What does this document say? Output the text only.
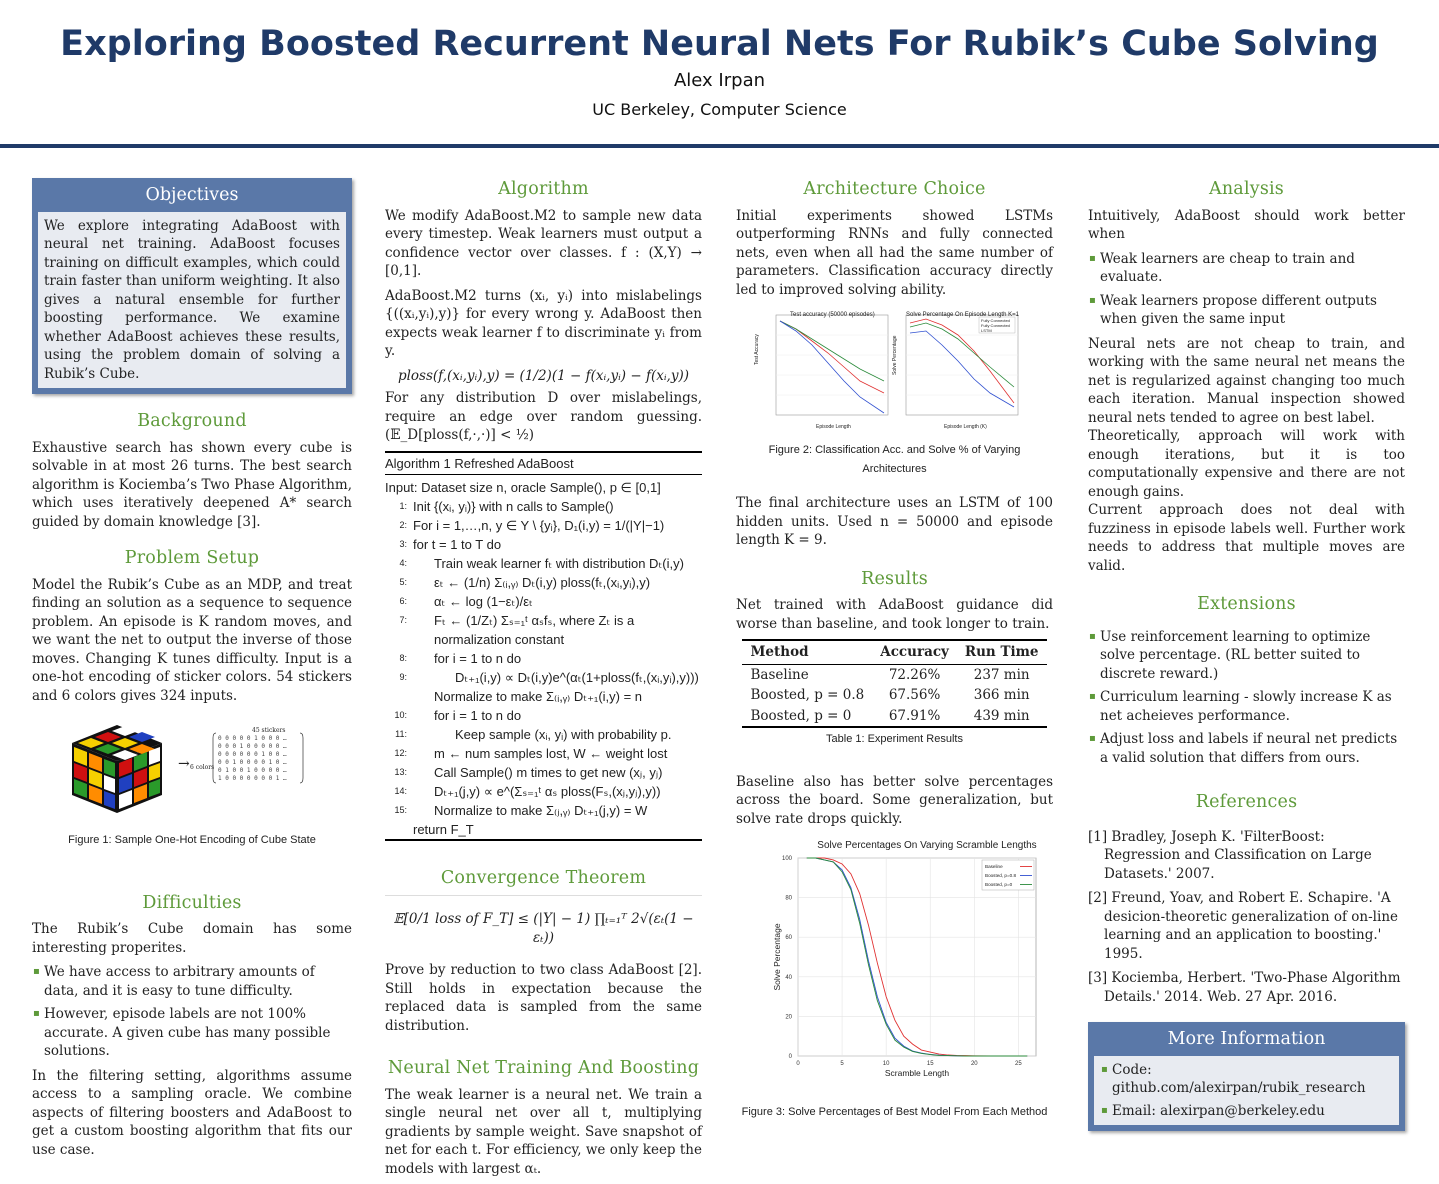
Exploring Boosted Recurrent Neural Nets For Rubik’s Cube Solving
Alex Irpan
UC Berkeley, Computer Science
Objectives
We explore integrating AdaBoost with neural net training. AdaBoost focuses training on difficult examples, which could train faster than uniform weighting. It also gives a natural ensemble for further boosting performance. We examine whether AdaBoost achieves these results, using the problem domain of solving a Rubik’s Cube.
Background

Exhaustive search has shown every cube is solvable in at most 26 turns. The best search algorithm is Kociemba’s Two Phase Algorithm, which uses iteratively deepened A* search guided by domain knowledge [3].

Problem Setup

Model the Rubik’s Cube as an MDP, and treat finding an solution as a sequence to sequence problem. An episode is K random moves, and we want the net to output the inverse of those moves. Changing K tunes difficulty. Input is a one-hot encoding of sticker colors. 54 stickers and 6 colors gives 324 inputs.

→ 6 colors
45 stickers
0 0 0 0 0 1 0 0 0 …
0 0 0 1 0 0 0 0 0 …
0 0 0 0 0 0 1 0 0 …
0 0 1 0 0 0 0 1 0 …
0 1 0 0 1 0 0 0 0 …
1 0 0 0 0 0 0 0 1 …
Figure 1: Sample One-Hot Encoding of Cube State
Difficulties

The Rubik’s Cube domain has some interesting properites.

▪ We have access to arbitrary amounts of data, and it is easy to tune difficulty.
▪ However, episode labels are not 100% accurate. A given cube has many possible solutions.

In the filtering setting, algorithms assume access to a sampling oracle. We combine aspects of filtering boosters and AdaBoost to get a custom boosting algorithm that fits our use case.

Algorithm

We modify AdaBoost.M2 to sample new data every timestep. Weak learners must output a confidence vector over classes. f : (X,Y) → [0,1].

AdaBoost.M2 turns (xᵢ, yᵢ) into mislabelings {((xᵢ,yᵢ),y)} for every wrong y. AdaBoost then expects weak learner f to discriminate yᵢ from y.

ploss(f,(xᵢ,yᵢ),y) = (1/2)(1 − f(xᵢ,yᵢ) − f(xᵢ,y))

For any distribution D over mislabelings, require an edge over random guessing. (𝔼_D[ploss(f,·,·)] < ½)

Algorithm 1 Refreshed AdaBoost
Input: Dataset size n, oracle Sample(), p ∈ [0,1]
1: Init {(xᵢ, yᵢ)} with n calls to Sample()
2: For i = 1,…,n, y ∈ Y \ {yᵢ}, D₁(i,y) = 1/(|Y|−1)
3: for t = 1 to T do
4:	Train weak learner fₜ with distribution Dₜ(i,y)
5:	εₜ ← (1/n) Σ₍ᵢ,ᵧ₎ Dₜ(i,y) ploss(fₜ,(xᵢ,yᵢ),y)
6:	αₜ ← log (1−εₜ)/εₜ
7:	Fₜ ← (1/Zₜ) Σₛ₌₁ᵗ αₛfₛ, where Zₜ is a normalization constant
8:	for i = 1 to n do
9:	Dₜ₊₁(i,y) ∝ Dₜ(i,y)e^(αₜ(1+ploss(fₜ,(xᵢ,yᵢ),y)))
Normalize to make Σ₍ᵢ,ᵧ₎ Dₜ₊₁(i,y) = n
10:	for i = 1 to n do
11:	Keep sample (xᵢ, yᵢ) with probability p.
12:	m ← num samples lost, W ← weight lost
13:	Call Sample() m times to get new (xⱼ, yⱼ)
14:	Dₜ₊₁(j,y) ∝ e^(Σₛ₌₁ᵗ αₛ ploss(Fₛ,(xⱼ,yⱼ),y))
15:	Normalize to make Σ₍ⱼ,ᵧ₎ Dₜ₊₁(j,y) = W
return F_T
Convergence Theorem
𝔼[0/1 loss of F_T] ≤ (|Y| − 1) ∏ₜ₌₁ᵀ 2√(εₜ(1 − εₜ))

Prove by reduction to two class AdaBoost [2]. Still holds in expectation because the replaced data is sampled from the same distribution.

Neural Net Training And Boosting

The weak learner is a neural net. We train a single neural net over all t, multiplying gradients by sample weight. Save snapshot of net for each t. For efficiency, we only keep the models with largest αₜ.

Architecture Choice

Initial experiments showed LSTMs outperforming RNNs and fully connected nets, even when all had the same number of parameters. Classification accuracy directly led to improved solving ability.

Test accuracy (50000 episodes)	Solve Percentage On Episode Length K=1
Episode Length	Episode Length (K)
Test Accuracy	Solve Percentage
Fully Connected
Fully Connected
LSTM
Figure 2: Classification Acc. and Solve % of Varying Architectures

The final architecture uses an LSTM of 100 hidden units. Used n = 50000 and episode length K = 9.

Results

Net trained with AdaBoost guidance did worse than baseline, and took longer to train.

Method	Accuracy	Run Time
Baseline	72.26%	237 min
Boosted, p = 0.8	67.56%	366 min
Boosted, p = 0	67.91%	439 min
Table 1: Experiment Results

Baseline also has better solve percentages across the board. Some generalization, but solve rate drops quickly.

0
20
40
60
80
100
0	5	10	15	20	25
Solve Percentages On Varying Scramble Lengths
Scramble Length
Solve Percentage
Baseline
Boosted, p=0.8
Boosted, p=0
Figure 3: Solve Percentages of Best Model From Each Method
Analysis

Intuitively, AdaBoost should work better when

▪ Weak learners are cheap to train and evaluate.
▪ Weak learners propose different outputs when given the same input

Neural nets are not cheap to train, and working with the same neural net means the net is regularized against changing too much each iteration. Manual inspection showed neural nets tended to agree on best label.

Theoretically, approach will work with enough iterations, but it is too computationally expensive and there are not enough gains.

Current approach does not deal with fuzziness in episode labels well. Further work needs to address that multiple moves are valid.

Extensions
▪ Use reinforcement learning to optimize solve percentage. (RL better suited to discrete reward.)
▪ Curriculum learning - slowly increase K as net acheieves performance.
▪ Adjust loss and labels if neural net predicts a valid solution that differs from ours.
References
[1] Bradley, Joseph K. 'FilterBoost: Regression and Classification on Large Datasets.' 2007.
[2] Freund, Yoav, and Robert E. Schapire. 'A desicion-theoretic generalization of on-line learning and an application to boosting.' 1995.
[3] Kociemba, Herbert. 'Two-Phase Algorithm Details.' 2014. Web. 27 Apr. 2016.
More Information
▪ Code: github.com/alexirpan/rubik_research
▪ Email: alexirpan@berkeley.edu
